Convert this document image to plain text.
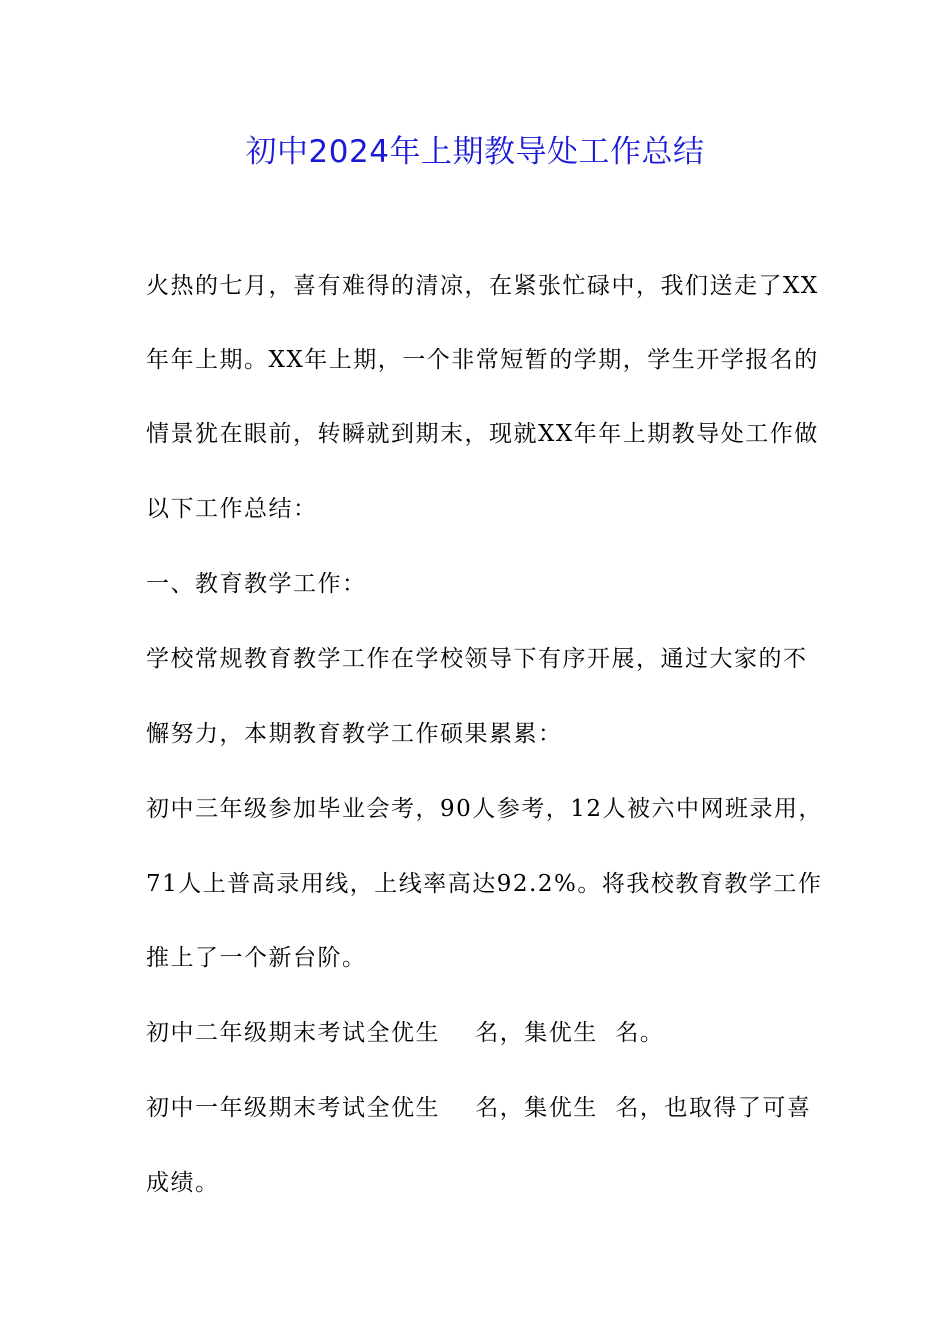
初中2024年上期教导处工作总结
火热的七月，喜有难得的清凉，在紧张忙碌中，我们送走了XX
年年上期。XX年上期，一个非常短暂的学期，学生开学报名的
情景犹在眼前，转瞬就到期末，现就XX年年上期教导处工作做
以下工作总结：
一、教育教学工作：
学校常规教育教学工作在学校领导下有序开展，通过大家的不
懈努力，本期教育教学工作硕果累累：
初中三年级参加毕业会考，90人参考，12人被六中网班录用，
71人上普高录用线，上线率高达92.2%。将我校教育教学工作
推上了一个新台阶。
初中二年级期末考试全优生    名，集优生  名。
初中一年级期末考试全优生    名，集优生  名，也取得了可喜
成绩。
